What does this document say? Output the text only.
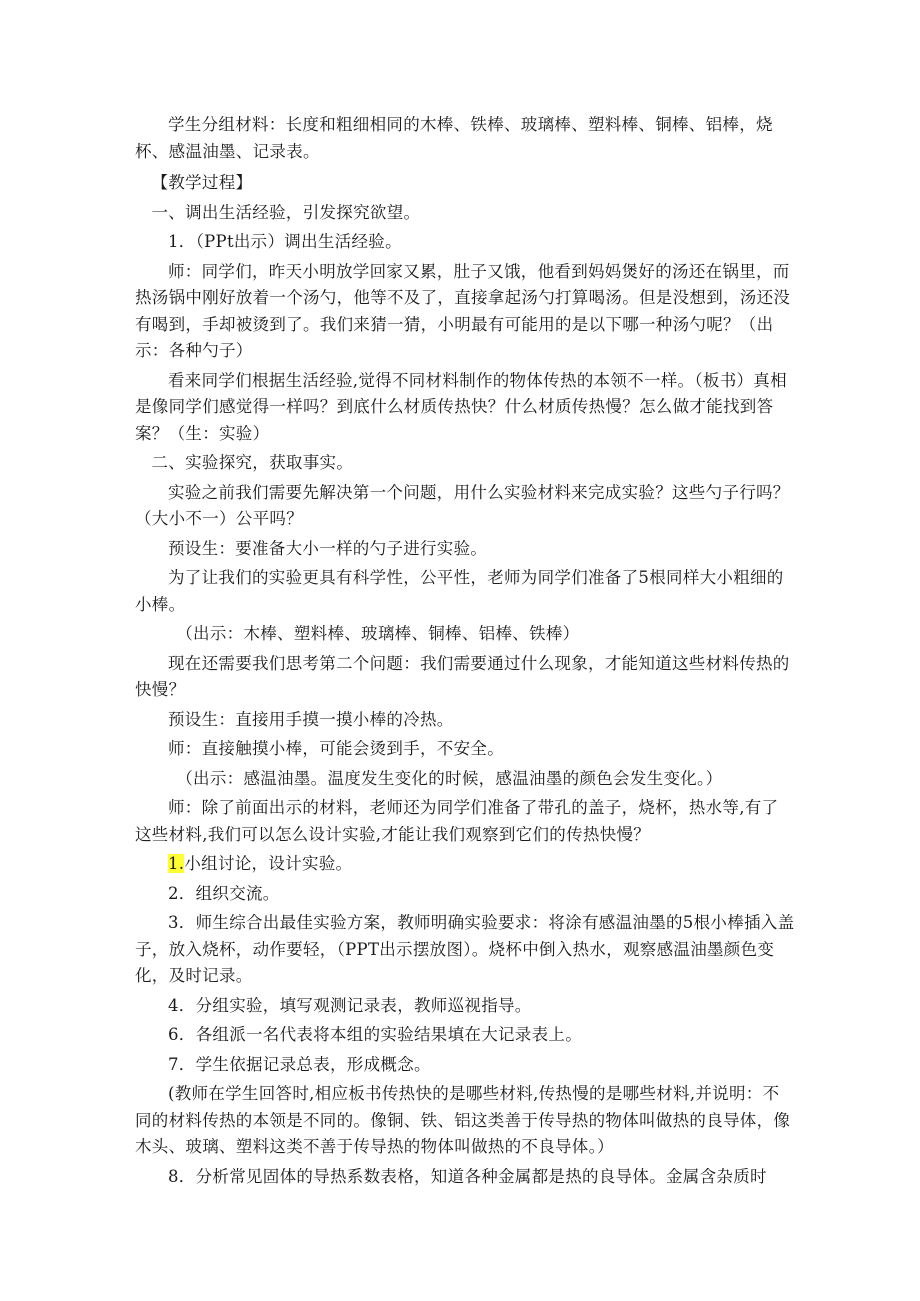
学生分组材料：长度和粗细相同的木棒、铁棒、玻璃棒、塑料棒、铜棒、铝棒，烧杯、感温油墨、记录表。

【教学过程】

一、调出生活经验，引发探究欲望。

1．（PPt出示）调出生活经验。

师：同学们，昨天小明放学回家又累，肚子又饿，他看到妈妈煲好的汤还在锅里，而热汤锅中刚好放着一个汤勺，他等不及了，直接拿起汤勺打算喝汤。但是没想到，汤还没有喝到，手却被烫到了。我们来猜一猜，小明最有可能用的是以下哪一种汤勺呢？（出示：各种勺子）

看来同学们根据生活经验,觉得不同材料制作的物体传热的本领不一样。（板书）真相是像同学们感觉得一样吗？到底什么材质传热快？什么材质传热慢？怎么做才能找到答案？（生：实验）

二、实验探究，获取事实。

实验之前我们需要先解决第一个问题，用什么实验材料来完成实验？这些勺子行吗？（大小不一）公平吗？

预设生：要准备大小一样的勺子进行实验。

为了让我们的实验更具有科学性，公平性，老师为同学们准备了5根同样大小粗细的小棒。

（出示：木棒、塑料棒、玻璃棒、铜棒、铝棒、铁棒）

现在还需要我们思考第二个问题：我们需要通过什么现象，才能知道这些材料传热的快慢？

预设生：直接用手摸一摸小棒的冷热。

师：直接触摸小棒，可能会烫到手，不安全。

（出示：感温油墨。温度发生变化的时候，感温油墨的颜色会发生变化。）

师：除了前面出示的材料，老师还为同学们准备了带孔的盖子，烧杯，热水等,有了这些材料,我们可以怎么设计实验,才能让我们观察到它们的传热快慢？

1.小组讨论，设计实验。

2．组织交流。

3．师生综合出最佳实验方案，教师明确实验要求：将涂有感温油墨的5根小棒插入盖子，放入烧杯，动作要轻，（PPT出示摆放图）。烧杯中倒入热水，观察感温油墨颜色变化，及时记录。

4．分组实验，填写观测记录表，教师巡视指导。

6．各组派一名代表将本组的实验结果填在大记录表上。

7．学生依据记录总表，形成概念。

(教师在学生回答时,相应板书传热快的是哪些材料,传热慢的是哪些材料,并说明：不同的材料传热的本领是不同的。像铜、铁、铝这类善于传导热的物体叫做热的良导体，像木头、玻璃、塑料这类不善于传导热的物体叫做热的不良导体。）

8．分析常见固体的导热系数表格，知道各种金属都是热的良导体。金属含杂质时
